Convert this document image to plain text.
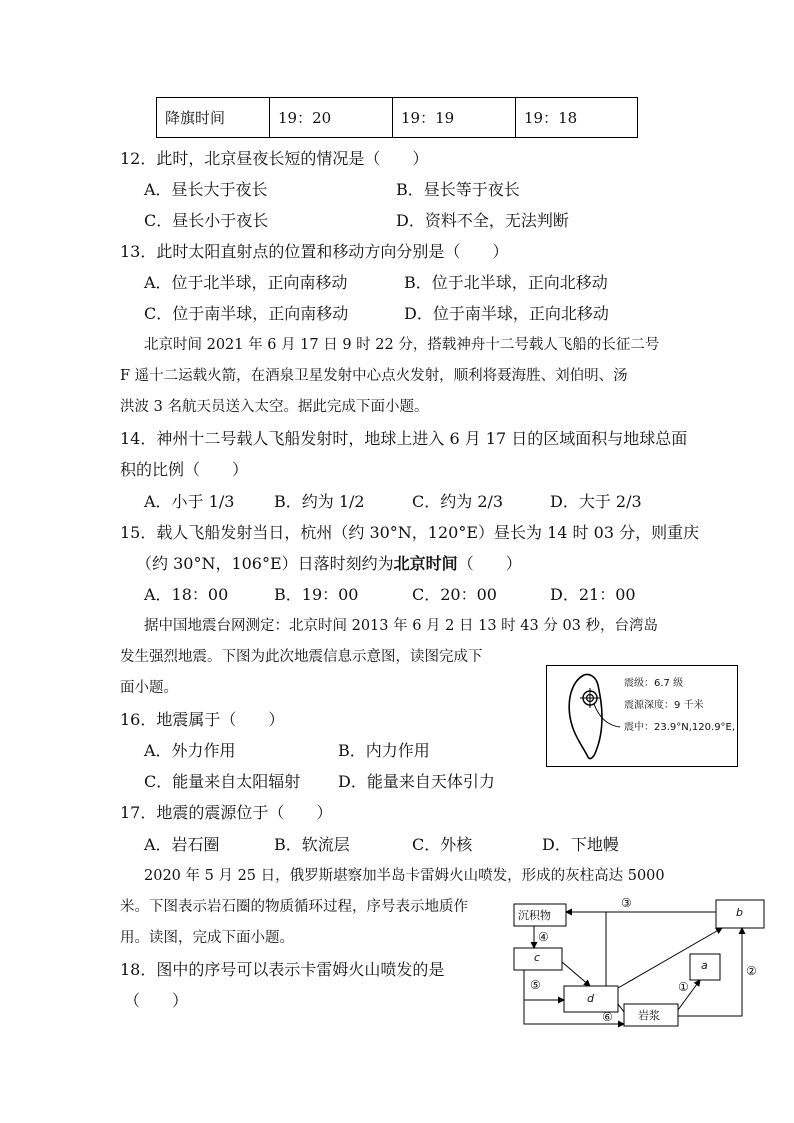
降旗时间	19：20	19：19	19：18
12．此时，北京昼夜长短的情况是（　　）
A．昼长大于夜长	B．昼长等于夜长
C．昼长小于夜长	D．资料不全，无法判断
13．此时太阳直射点的位置和移动方向分别是（　　）
A．位于北半球，正向南移动	B．位于北半球，正向北移动
C．位于南半球，正向南移动	D．位于南半球，正向北移动
北京时间 2021 年 6 月 17 日 9 时 22 分，搭载神舟十二号载人飞船的长征二号
F 遥十二运载火箭，在酒泉卫星发射中心点火发射，顺利将聂海胜、刘伯明、汤
洪波 3 名航天员送入太空。据此完成下面小题。
14．神州十二号载人飞船发射时，地球上进入 6 月 17 日的区域面积与地球总面
积的比例（　　）
A．小于 1/3 B．约为 1/2	C．约为 2/3	D．大于 2/3
15．载人飞船发射当日，杭州（约 30°N，120°E）昼长为 14 时 03 分，则重庆
（约 30°N，106°E）日落时刻约为北京时间（　　）
A．18：00	B．19：00	C．20：00	D．21：00
据中国地震台网测定：北京时间 2013 年 6 月 2 日 13 时 43 分 03 秒，台湾岛
发生强烈地震。下图为此次地震信息示意图，读图完成下
面小题。	震级：6.7 级
震源深度：9 千米
震中：23.9°N,120.9°E,
16．地震属于（　　）
A．外力作用	B．内力作用
C．能量来自太阳辐射 D．能量来自天体引力
17．地震的震源位于（　　）
A．岩石圈	B．软流层	C．外核	D．下地幔
2020 年 5 月 25 日，俄罗斯堪察加半岛卡雷姆火山喷发，形成的灰柱高达 5000
米。下图表示岩石圈的物质循环过程，序号表示地质作
用。读图，完成下面小题。
沉积物	b
c
a
d
岩浆
③
④
⑤
⑥
①
②
18．图中的序号可以表示卡雷姆火山喷发的是
（　　）
